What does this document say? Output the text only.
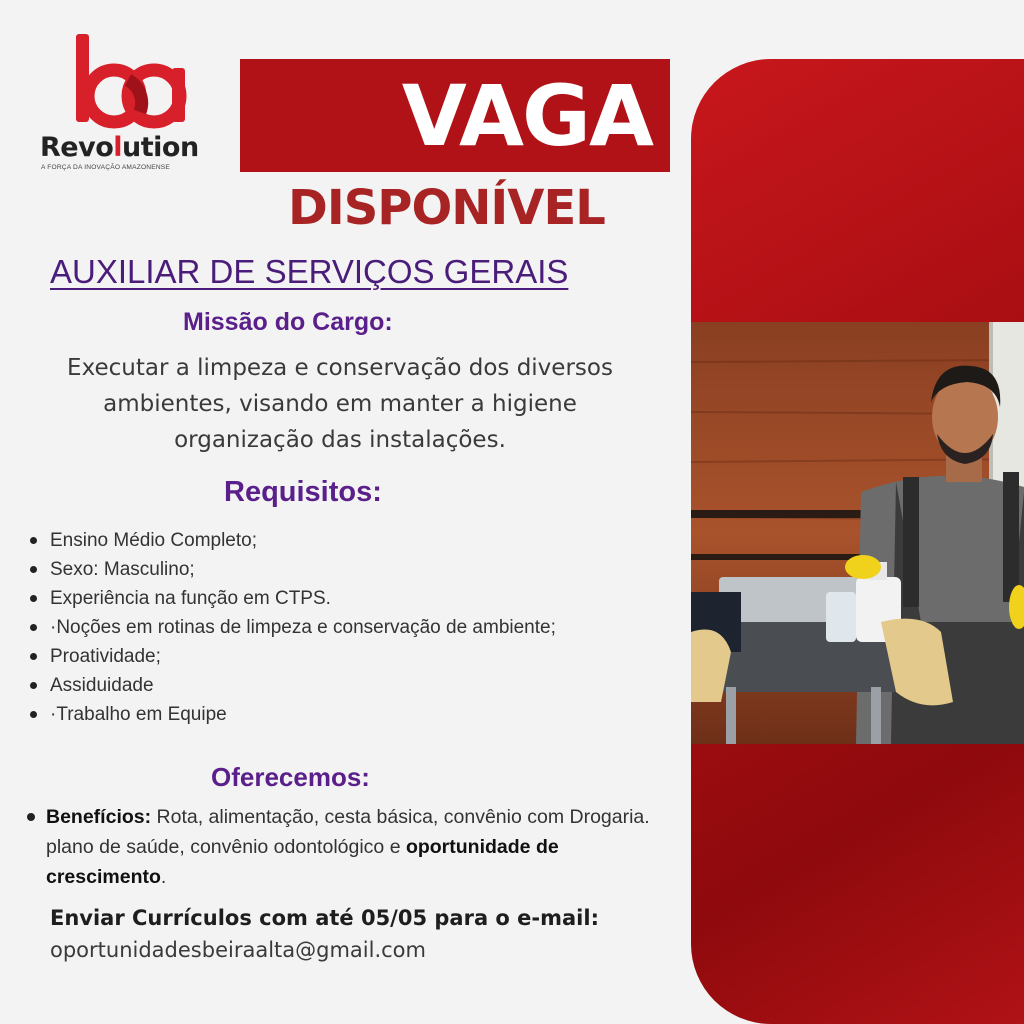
Revolution
A FORÇA DA INOVAÇÃO AMAZONENSE
VAGA
DISPONÍVEL
AUXILIAR DE SERVIÇOS GERAIS
Missão do Cargo:
Executar a limpeza e conservação dos diversos ambientes, visando em manter a higiene organização das instalações.
Requisitos:
Ensino Médio Completo;
Sexo: Masculino;
Experiência na função em CTPS.
·Noções em rotinas de limpeza e conservação de ambiente;
Proatividade;
Assiduidade
·Trabalho em Equipe
Oferecemos:
Benefícios: Rota, alimentação, cesta básica, convênio com Drogaria. plano de saúde, convênio odontológico e oportunidade de crescimento.
Enviar Currículos com até 05/05 para o e-mail:
oportunidadesbeiraalta@gmail.com
